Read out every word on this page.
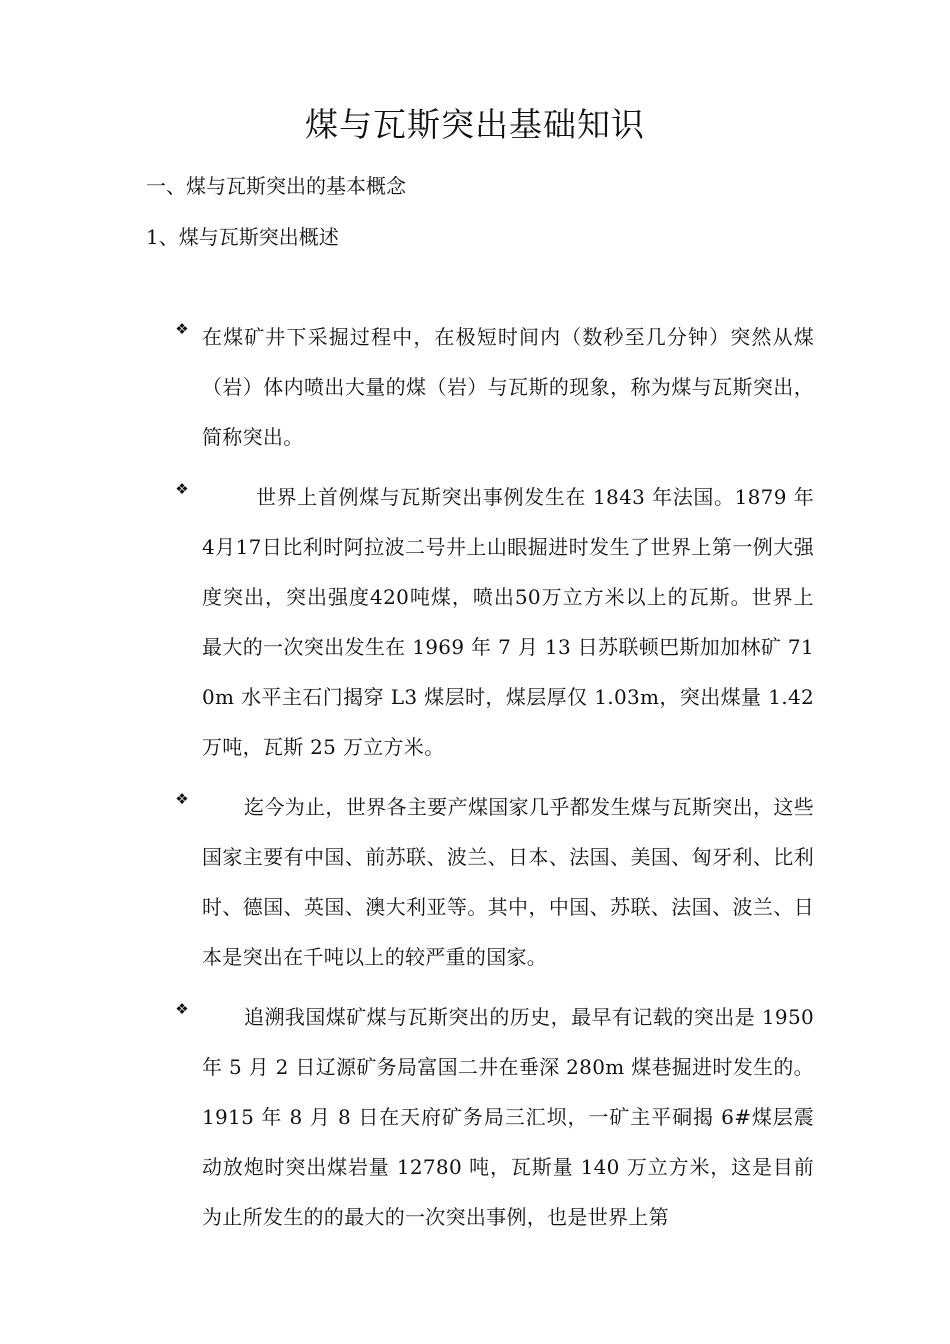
煤与瓦斯突出基础知识
一、煤与瓦斯突出的基本概念
1、煤与瓦斯突出概述
❖ 在煤矿井下采掘过程中，在极短时间内（数秒至几分钟）突然从煤（岩）体内喷出大量的煤（岩）与瓦斯的现象，称为煤与瓦斯突出，简称突出。
❖	世界上首例煤与瓦斯突出事例发生在 1843 年法国。1879 年4月17日比利时阿拉波二号井上山眼掘进时发生了世界上第一例大强度突出，突出强度420吨煤，喷出50万立方米以上的瓦斯。世界上最大的一次突出发生在 1969 年 7 月 13 日苏联顿巴斯加加林矿 710m 水平主石门揭穿 L3 煤层时，煤层厚仅 1.03m，突出煤量 1.42 万吨，瓦斯 25 万立方米。
❖	迄今为止，世界各主要产煤国家几乎都发生煤与瓦斯突出，这些国家主要有中国、前苏联、波兰、日本、法国、美国、匈牙利、比利时、德国、英国、澳大利亚等。其中，中国、苏联、法国、波兰、日本是突出在千吨以上的较严重的国家。
❖	追溯我国煤矿煤与瓦斯突出的历史，最早有记载的突出是 1950 年 5 月 2 日辽源矿务局富国二井在垂深 280m 煤巷掘进时发生的。1915 年 8 月 8 日在天府矿务局三汇坝，一矿主平硐揭 6#煤层震动放炮时突出煤岩量 12780 吨，瓦斯量 140 万立方米，这是目前为止所发生的的最大的一次突出事例，也是世界上第
